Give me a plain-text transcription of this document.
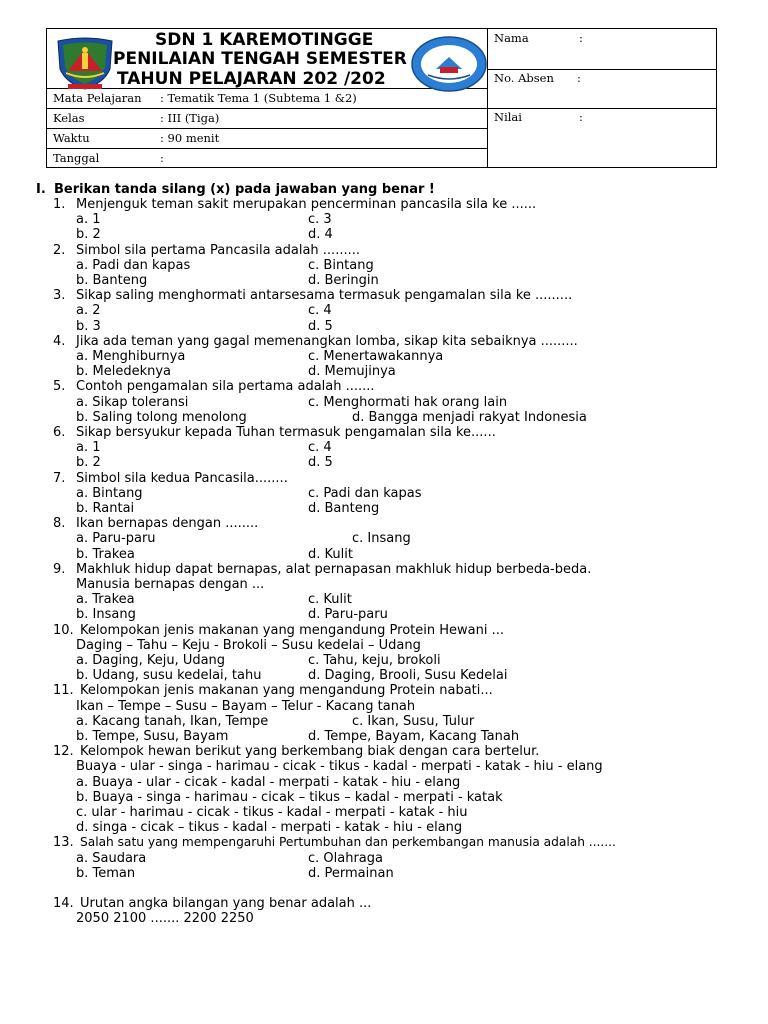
SDN 1 KAREMOTINGGE
PENILAIAN TENGAH SEMESTER
TAHUN PELAJARAN 202 /202
Mata Pelajaran : Tematik Tema 1 (Subtema 1 &2)
Kelas	: III (Tiga)
Waktu	: 90 menit
Tanggal	:
Nama	:
No. Absen :
Nilai	:
I. Berikan tanda silang (x) pada jawaban yang benar !
1. Menjenguk teman sakit merupakan pencerminan pancasila sila ke ......
a. 1	c. 3
b. 2	d. 4
2. Simbol sila pertama Pancasila adalah .........
a. Padi dan kapas	c. Bintang
b. Banteng	d. Beringin
3. Sikap saling menghormati antarsesama termasuk pengamalan sila ke .........
a. 2	c. 4
b. 3	d. 5
4. Jika ada teman yang gagal memenangkan lomba, sikap kita sebaiknya .........
a. Menghiburnya	c. Menertawakannya
b. Meledeknya	d. Memujinya
5. Contoh pengamalan sila pertama adalah .......
a. Sikap toleransi	c. Menghormati hak orang lain
b. Saling tolong menolong	d. Bangga menjadi rakyat Indonesia
6. Sikap bersyukur kepada Tuhan termasuk pengamalan sila ke......
a. 1	c. 4
b. 2	d. 5
7. Simbol sila kedua Pancasila........
a. Bintang	c. Padi dan kapas
b. Rantai	d. Banteng
8. Ikan bernapas dengan ........
a. Paru-paru	c. Insang
b. Trakea	d. Kulit
9. Makhluk hidup dapat bernapas, alat pernapasan makhluk hidup berbeda-beda.
Manusia bernapas dengan ...
a. Trakea	c. Kulit
b. Insang	d. Paru-paru
10. Kelompokan jenis makanan yang mengandung Protein Hewani ...
Daging – Tahu – Keju - Brokoli – Susu kedelai – Udang
a. Daging, Keju, Udang	c. Tahu, keju, brokoli
b. Udang, susu kedelai, tahu	d. Daging, Brooli, Susu Kedelai
11. Kelompokan jenis makanan yang mengandung Protein nabati...
Ikan – Tempe – Susu – Bayam – Telur - Kacang tanah
a. Kacang tanah, Ikan, Tempe	c. Ikan, Susu, Tulur
b. Tempe, Susu, Bayam	d. Tempe, Bayam, Kacang Tanah
12. Kelompok hewan berikut yang berkembang biak dengan cara bertelur.
Buaya - ular - singa - harimau - cicak - tikus - kadal - merpati - katak - hiu - elang
a. Buaya - ular - cicak - kadal - merpati - katak - hiu - elang
b. Buaya - singa - harimau - cicak – tikus – kadal - merpati - katak
c. ular - harimau - cicak - tikus - kadal - merpati - katak - hiu
d. singa - cicak – tikus - kadal - merpati - katak - hiu - elang
13. Salah satu yang mempengaruhi Pertumbuhan dan perkembangan manusia adalah .......
a. Saudara	c. Olahraga
b. Teman	d. Permainan
14. Urutan angka bilangan yang benar adalah ...
2050 2100 ....... 2200 2250
